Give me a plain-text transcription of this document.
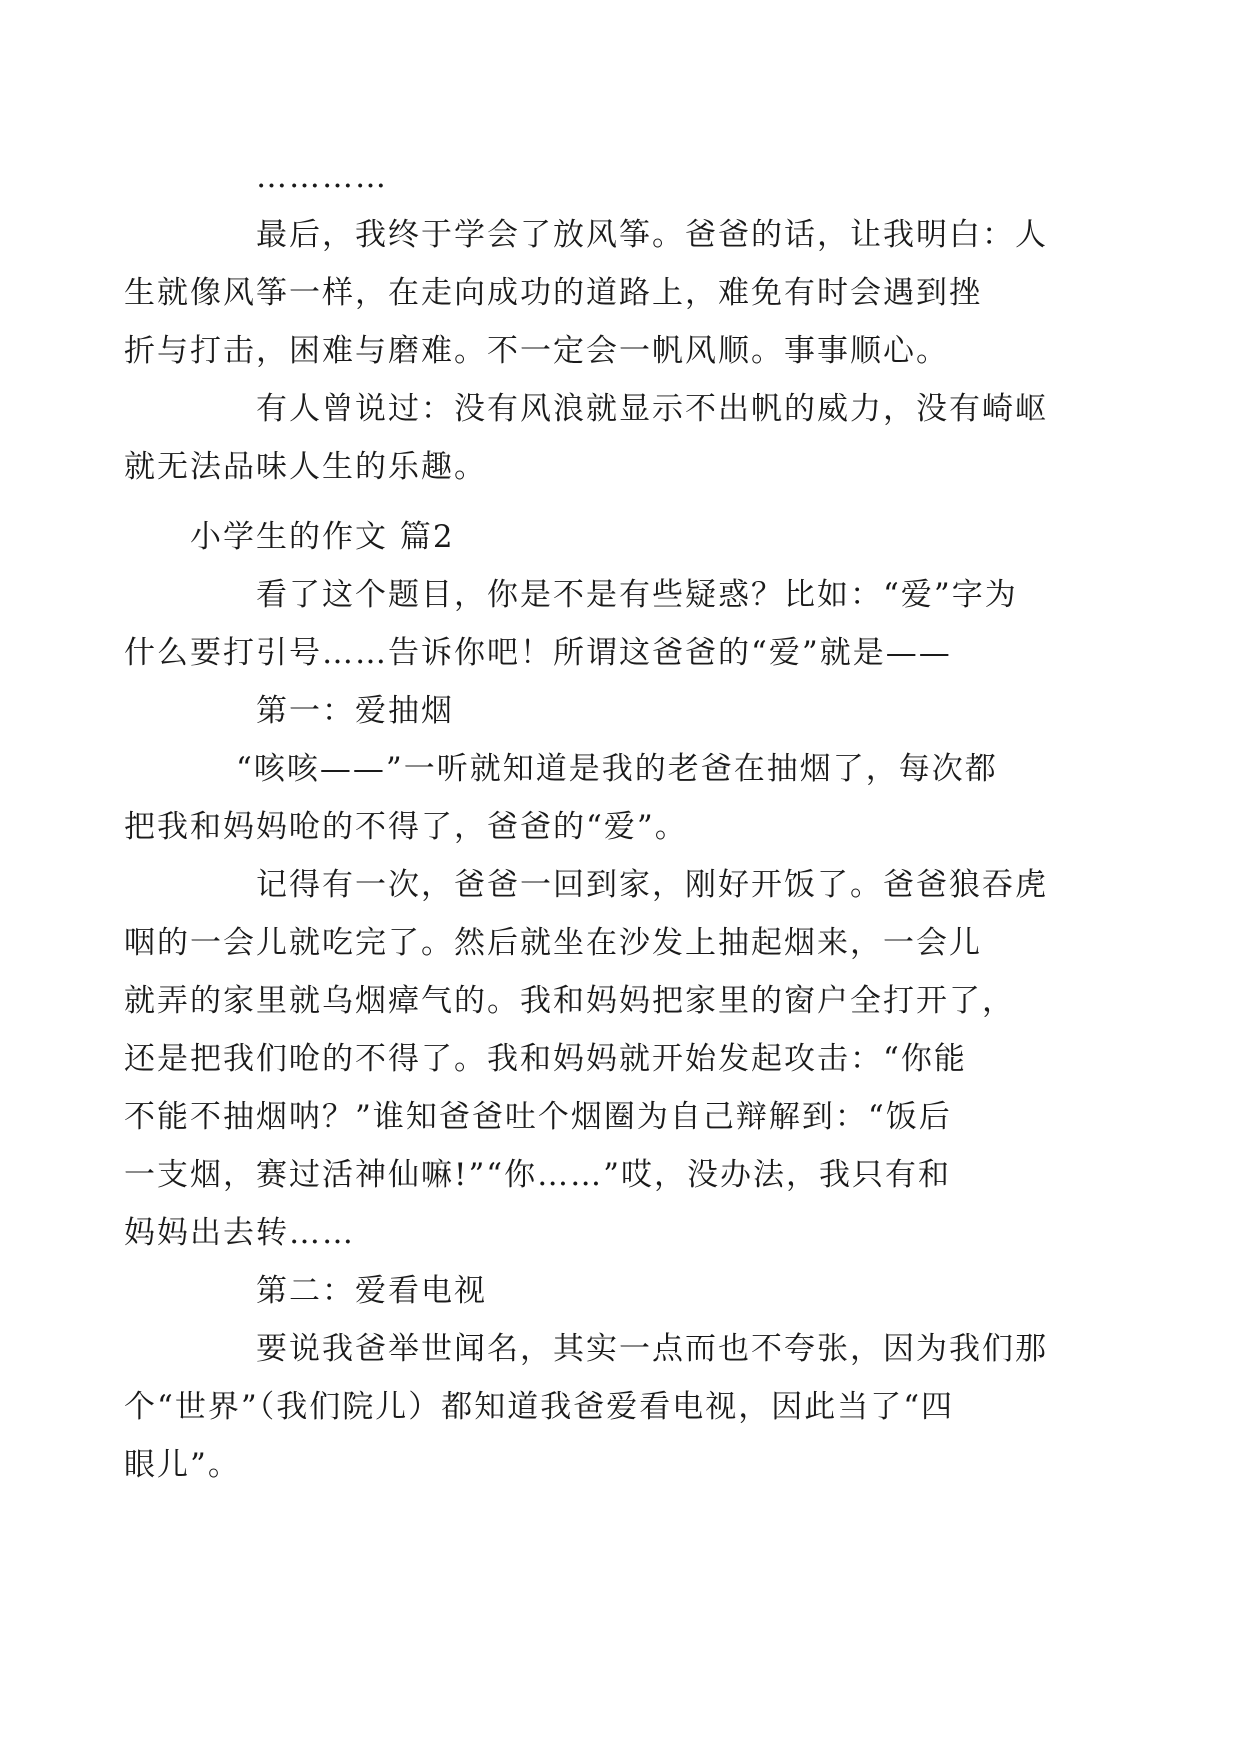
…………

最后，我终于学会了放风筝。爸爸的话，让我明白：人
生就像风筝一样，在走向成功的道路上，难免有时会遇到挫
折与打击，困难与磨难。不一定会一帆风顺。事事顺心。

有人曾说过：没有风浪就显示不出帆的威力，没有崎岖
就无法品味人生的乐趣。

小学生的作文 篇2

看了这个题目，你是不是有些疑惑？比如：“爱”字为
什么要打引号……告诉你吧！所谓这爸爸的“爱”就是——

第一：爱抽烟

“咳咳——”一听就知道是我的老爸在抽烟了，每次都
把我和妈妈呛的不得了，爸爸的“爱”。

记得有一次，爸爸一回到家，刚好开饭了。爸爸狼吞虎
咽的一会儿就吃完了。然后就坐在沙发上抽起烟来，一会儿
就弄的家里就乌烟瘴气的。我和妈妈把家里的窗户全打开了，
还是把我们呛的不得了。我和妈妈就开始发起攻击：“你能
不能不抽烟呐？”谁知爸爸吐个烟圈为自己辩解到：“饭后
一支烟，赛过活神仙嘛!”“你……”哎，没办法，我只有和
妈妈出去转……

第二：爱看电视

要说我爸举世闻名，其实一点而也不夸张，因为我们那
个“世界”（我们院儿）都知道我爸爱看电视，因此当了“四
眼儿”。
